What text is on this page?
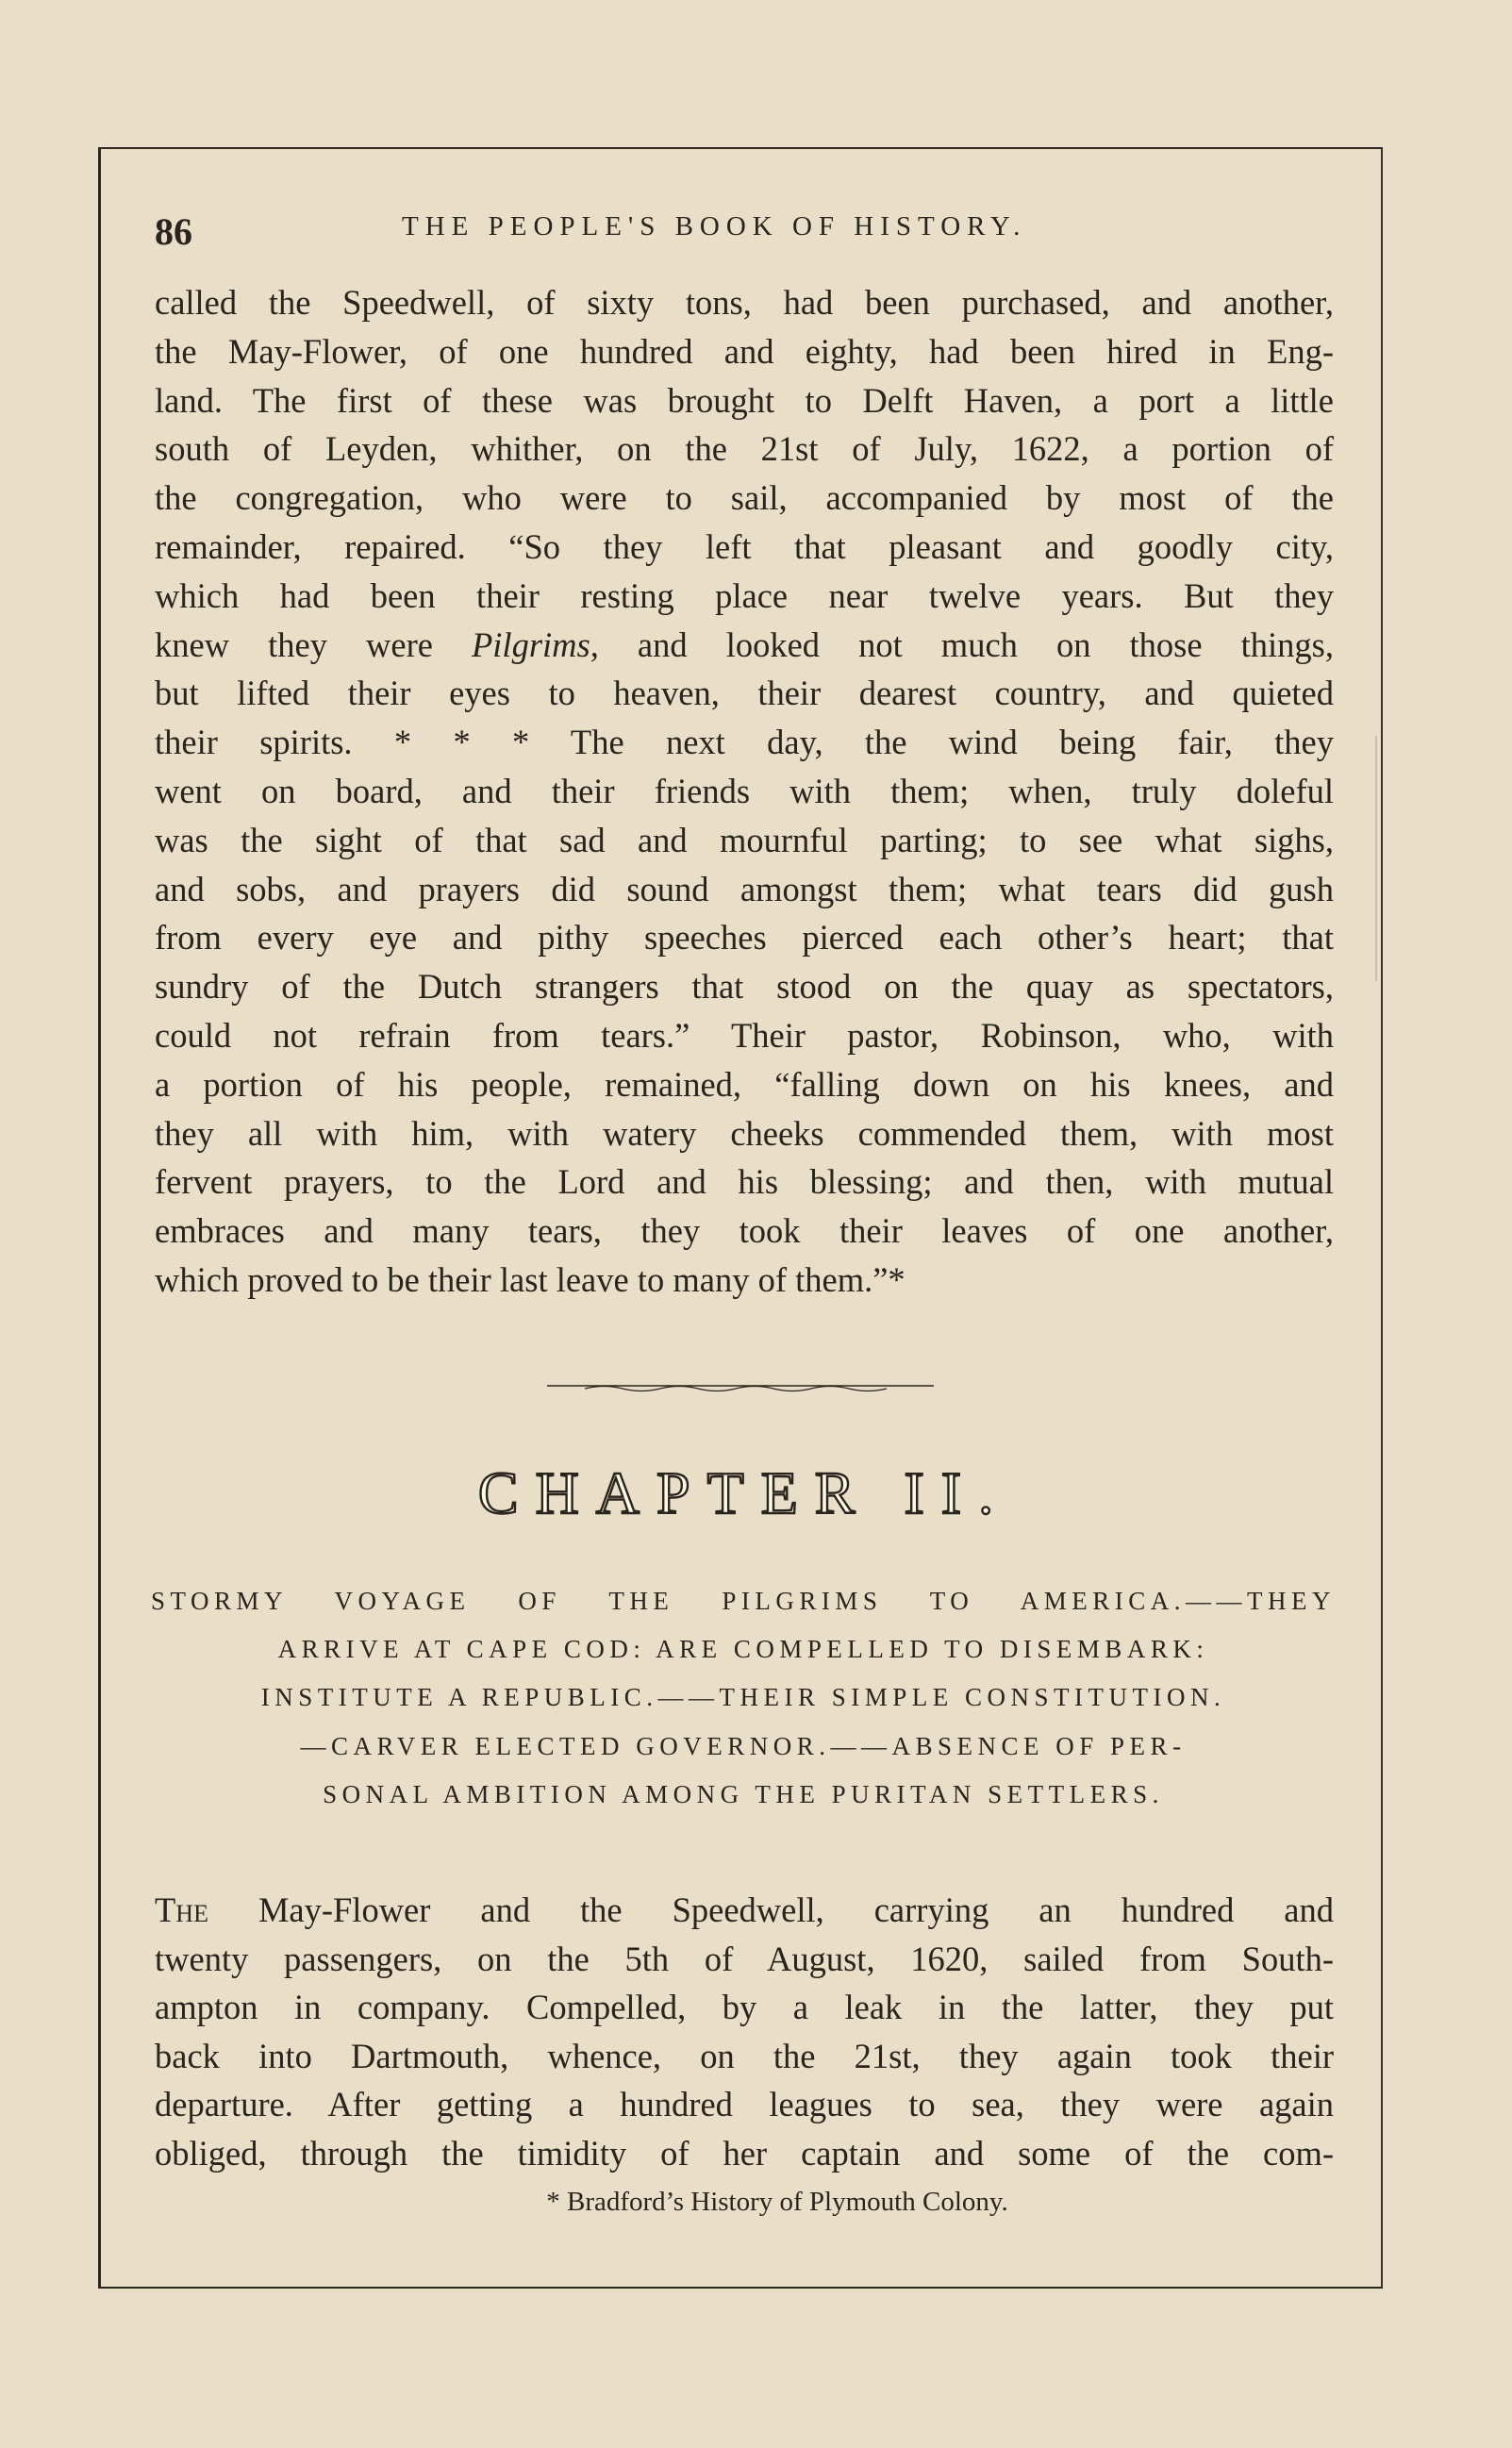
86	THE PEOPLE'S BOOK OF HISTORY.
called the Speedwell, of sixty tons, had been purchased, and another,
the May-Flower, of one hundred and eighty, had been hired in Eng-
land. The first of these was brought to Delft Haven, a port a little
south of Leyden, whither, on the 21st of July, 1622, a portion of
the congregation, who were to sail, accompanied by most of the
remainder, repaired. “So they left that pleasant and goodly city,
which had been their resting place near twelve years. But they
knew they were Pilgrims, and looked not much on those things,
but lifted their eyes to heaven, their dearest country, and quieted
their spirits. * * * The next day, the wind being fair, they
went on board, and their friends with them; when, truly doleful
was the sight of that sad and mournful parting; to see what sighs,
and sobs, and prayers did sound amongst them; what tears did gush
from every eye and pithy speeches pierced each other’s heart; that
sundry of the Dutch strangers that stood on the quay as spectators,
could not refrain from tears.” Their pastor, Robinson, who, with
a portion of his people, remained, “falling down on his knees, and
they all with him, with watery cheeks commended them, with most
fervent prayers, to the Lord and his blessing; and then, with mutual
embraces and many tears, they took their leaves of one another,
which proved to be their last leave to many of them.”*
CHAPTER II.
STORMY VOYAGE OF THE PILGRIMS TO AMERICA.——THEY
ARRIVE AT CAPE COD: ARE COMPELLED TO DISEMBARK:
INSTITUTE A REPUBLIC.——THEIR SIMPLE CONSTITUTION.
—CARVER ELECTED GOVERNOR.——ABSENCE OF PER-
SONAL AMBITION AMONG THE PURITAN SETTLERS.
The May-Flower and the Speedwell, carrying an hundred and
twenty passengers, on the 5th of August, 1620, sailed from South-
ampton in company. Compelled, by a leak in the latter, they put
back into Dartmouth, whence, on the 21st, they again took their
departure. After getting a hundred leagues to sea, they were again
obliged, through the timidity of her captain and some of the com-
* Bradford’s History of Plymouth Colony.
